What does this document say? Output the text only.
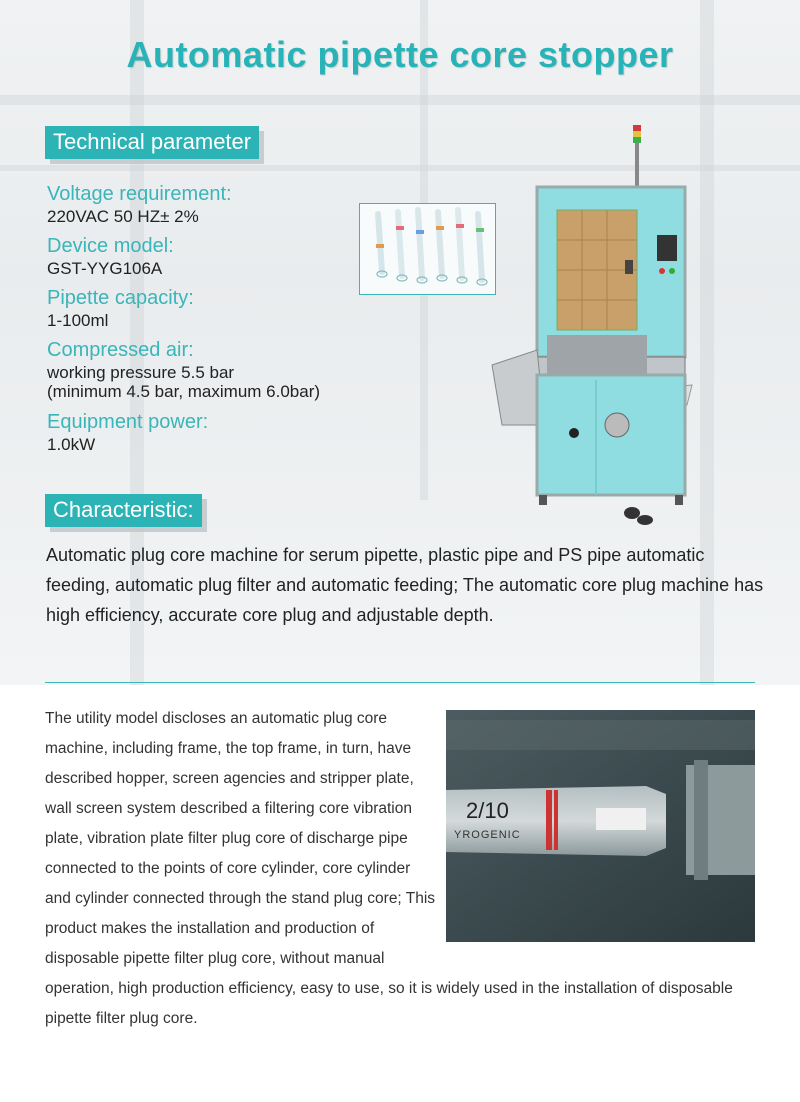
Automatic pipette core stopper
Technical parameter
Voltage requirement:
220VAC 50 HZ± 2%
Device model:
GST-YYG106A
Pipette capacity:
1-100ml
Compressed air:
working pressure 5.5 bar
(minimum 4.5 bar, maximum 6.0bar)
Equipment power:
1.0kW
Characteristic:
Automatic plug core machine for serum pipette, plastic pipe and PS pipe automatic feeding, automatic plug filter and automatic feeding; The automatic core plug machine has high efficiency, accurate core plug and adjustable depth.
The utility model discloses an automatic plug core machine, including frame, the top frame, in turn, have described hopper, screen agencies and stripper plate, wall screen system described a filtering core vibration plate, vibration plate filter plug core of discharge pipe connected to the points of core cylinder, core cylinder and cylinder connected through the stand plug core; This product makes the installation and production of disposable pipette filter plug core, without manual operation, high production efficiency, easy to use, so it is widely used in the installation of disposable pipette filter plug core.
2/10
YROGENIC
